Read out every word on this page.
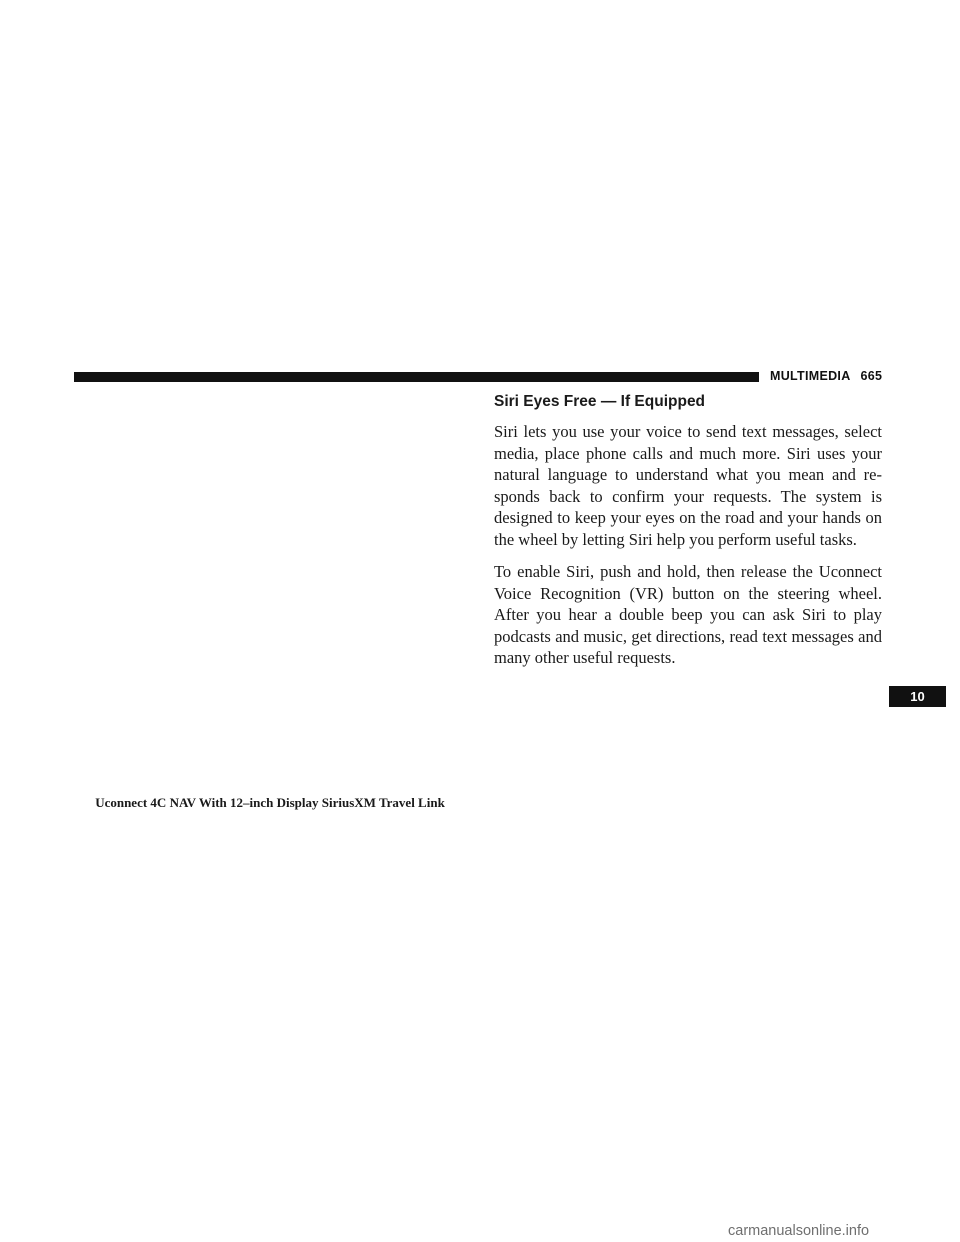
MULTIMEDIA 665
Siri Eyes Free — If Equipped

Siri lets you use your voice to send text messages, select media, place phone calls and much more. Siri uses your natural language to understand what you mean and re-sponds back to confirm your requests. The system is designed to keep your eyes on the road and your hands on the wheel by letting Siri help you perform useful tasks.

To enable Siri, push and hold, then release the Uconnect Voice Recognition (VR) button on the steering wheel. After you hear a double beep you can ask Siri to play podcasts and music, get directions, read text messages and many other useful requests.

Uconnect 4C NAV With 12–inch Display SiriusXM Travel Link
10
carmanualsonline.info
